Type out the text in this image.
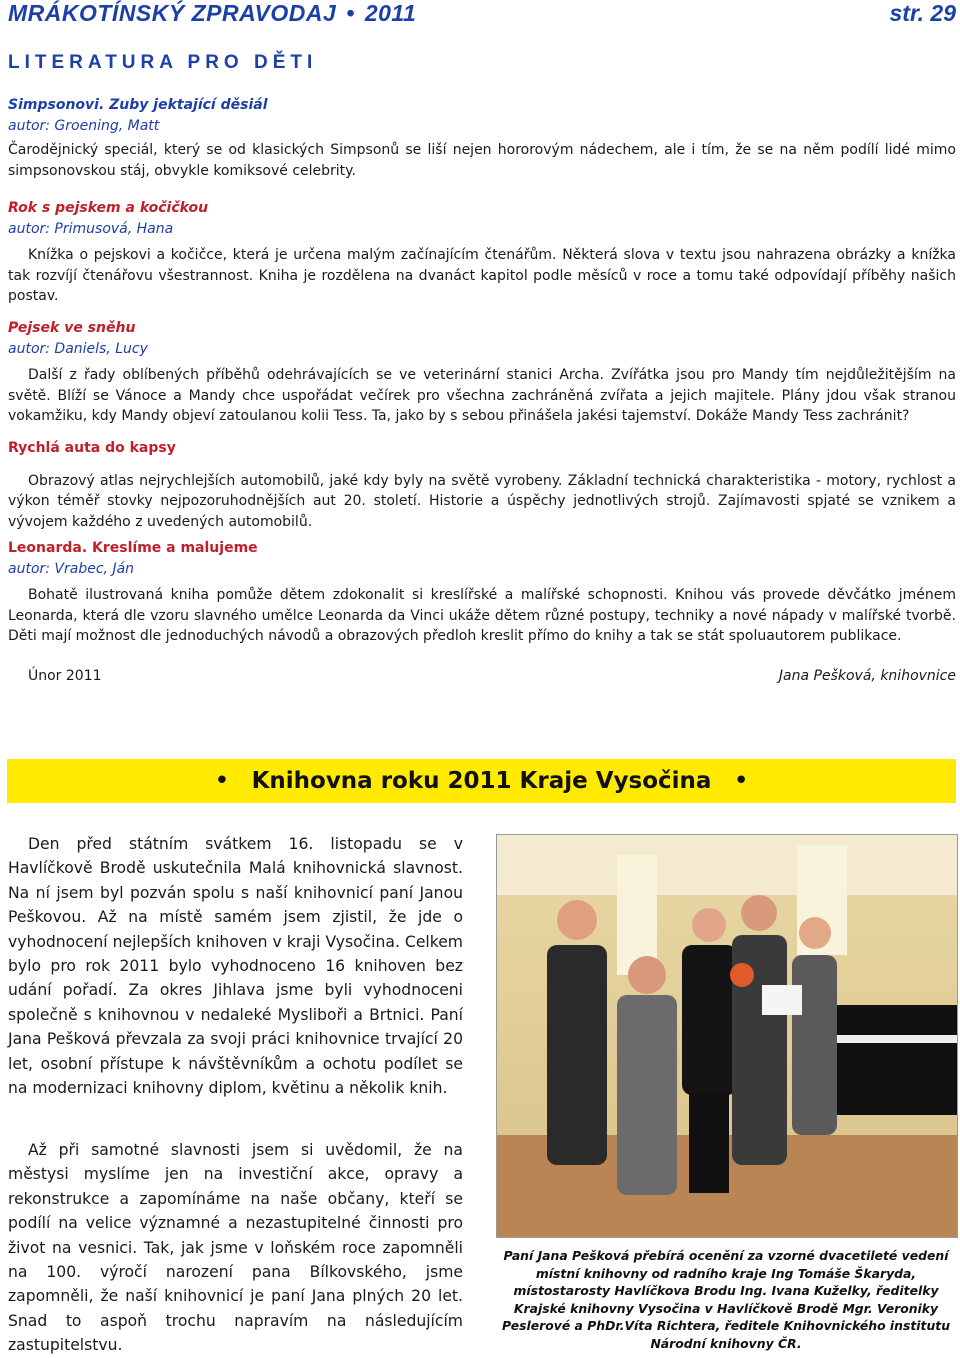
MRÁKOTÍNSKÝ ZPRAVODAJ • 2011	str. 29
LITERATURA PRO DĚTI
Simpsonovi. Zuby jektající děsiál
autor: Groening, Matt
Čarodějnický speciál, který se od klasických Simpsonů se liší nejen hororovým nádechem, ale i tím, že se na něm podílí lidé mimo simpsonovskou stáj, obvykle komiksové celebrity.
Rok s pejskem a kočičkou
autor: Primusová, Hana
Knížka o pejskovi a kočičce, která je určena malým začínajícím čtenářům. Některá slova v textu jsou nahrazena obrázky a knížka tak rozvíjí čtenářovu všestrannost. Kniha je rozdělena na dvanáct kapitol podle měsíců v roce a tomu také odpovídají příběhy našich postav.
Pejsek ve sněhu
autor: Daniels, Lucy
Další z řady oblíbených příběhů odehrávajících se ve veterinární stanici Archa. Zvířátka jsou pro Mandy tím nejdůležitějším na světě. Blíží se Vánoce a Mandy chce uspořádat večírek pro všechna zachráněná zvířata a jejich majitele. Plány jdou však stranou vokamžiku, kdy Mandy objeví zatoulanou kolii Tess. Ta, jako by s sebou přinášela jakési tajemství. Dokáže Mandy Tess zachránit?
Rychlá auta do kapsy
Obrazový atlas nejrychlejších automobilů, jaké kdy byly na světě vyrobeny. Základní technická charakteristika - motory, rychlost a výkon téměř stovky nejpozoruhodnějších aut 20. století. Historie a úspěchy jednotlivých strojů. Zajímavosti spjaté se vznikem a vývojem každého z uvedených automobilů.
Leonarda. Kreslíme a malujeme
autor: Vrabec, Ján
Bohatě ilustrovaná kniha pomůže dětem zdokonalit si kreslířské a malířské schopnosti. Knihou vás provede děvčátko jménem Leonarda, která dle vzoru slavného umělce Leonarda da Vinci ukáže dětem různé postupy, techniky a nové nápady v malířské tvorbě. Děti mají možnost dle jednoduchých návodů a obrazových předloh kreslit přímo do knihy a tak se stát spoluautorem publikace.
Únor 2011	Jana Pešková, knihovnice
• Knihovna roku 2011 Kraje Vysočina •
Den před státním svátkem 16. listopadu se v Havlíčkově Brodě uskutečnila Malá knihovnická slavnost. Na ní jsem byl pozván spolu s naší knihovnicí paní Janou Peškovou. Až na místě samém jsem zjistil, že jde o vyhodnocení nejlepších knihoven v kraji Vysočina. Celkem bylo pro rok 2011 bylo vyhodnoceno 16 knihoven bez udání pořadí. Za okres Jihlava jsme byli vyhodnoceni společně s knihovnou v nedaleké Mysliboři a Brtnici. Paní Jana Pešková převzala za svoji práci knihovnice trvající 20 let, osobní přístupe k návštěvníkům a ochotu podílet se na modernizaci knihovny diplom, květinu a několik knih.
Až při samotné slavnosti jsem si uvědomil, že na městysi myslíme jen na investiční akce, opravy a rekonstrukce a zapomínáme na naše občany, kteří se podílí na velice významné a nezastupitelné činnosti pro život na vesnici. Tak, jak jsme v loňském roce zapomněli na 100. výročí narození pana Bílkovského, jsme zapomněli, že naší knihovnicí je paní Jana plných 20 let. Snad to aspoň trochu napravím na následujícím zastupitelstvu.
Paní Jana Pešková přebírá ocenění za vzorné dvacetileté vedení místní knihovny od radního kraje Ing Tomáše Škaryda, místostarosty Havlíčkova Brodu Ing. Ivana Kuželky, ředitelky Krajské knihovny Vysočina v Havlíčkově Brodě Mgr. Veroniky Peslerové a PhDr.Víta Richtera, ředitele Knihovnického institutu Národní knihovny ČR.
